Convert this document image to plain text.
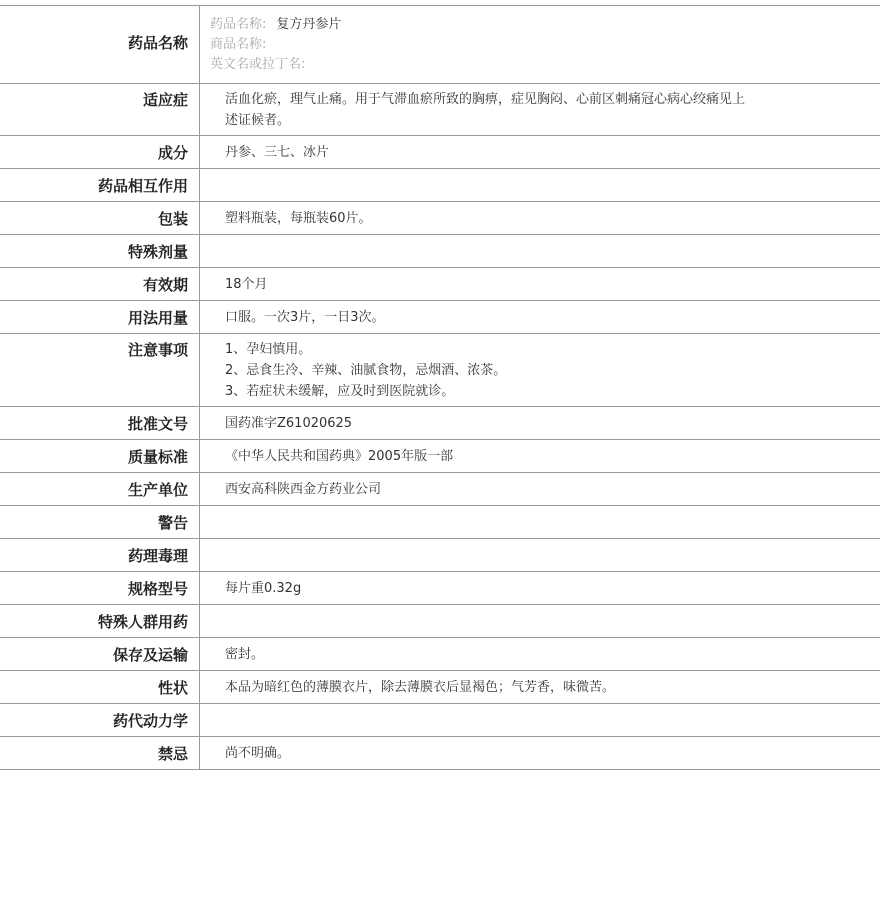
药品名称
药品名称: 复方丹参片
商品名称:
英文名或拉丁名:
适应症	活血化瘀，理气止痛。用于气滞血瘀所致的胸痹，症见胸闷、心前区刺痛冠心病心绞痛见上
述证候者。
成分	丹参、三七、冰片
药品相互作用
包装	塑料瓶装，每瓶装60片。
特殊剂量
有效期	18个月
用法用量	口服。一次3片，一日3次。
注意事项	1、孕妇慎用。
2、忌食生冷、辛辣、油腻食物，忌烟酒、浓茶。
3、若症状未缓解，应及时到医院就诊。
批准文号	国药准字Z61020625
质量标准	《中华人民共和国药典》2005年版一部
生产单位	西安高科陕西金方药业公司
警告
药理毒理
规格型号	每片重0.32g
特殊人群用药
保存及运输	密封。
性状	本品为暗红色的薄膜衣片，除去薄膜衣后显褐色；气芳香，味微苦。
药代动力学
禁忌	尚不明确。
